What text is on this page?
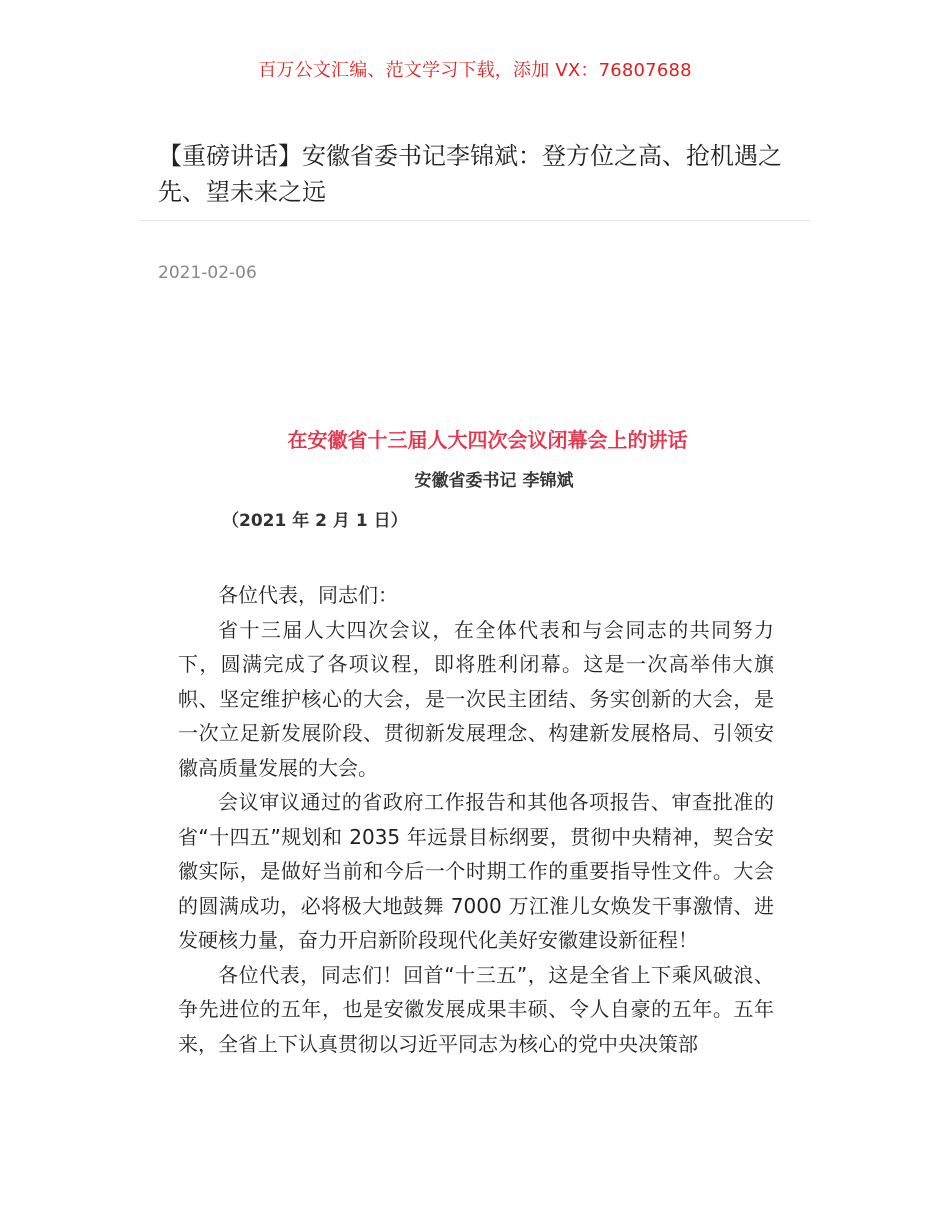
百万公文汇编、范文学习下载，添加 VX：76807688
【重磅讲话】安徽省委书记李锦斌：登方位之高、抢机遇之先、望未来之远
2021-02-06
在安徽省十三届人大四次会议闭幕会上的讲话
安徽省委书记 李锦斌
（2021 年 2 月 1 日）

各位代表，同志们：

省十三届人大四次会议，在全体代表和与会同志的共同努力下，圆满完成了各项议程，即将胜利闭幕。这是一次高举伟大旗帜、坚定维护核心的大会，是一次民主团结、务实创新的大会，是一次立足新发展阶段、贯彻新发展理念、构建新发展格局、引领安徽高质量发展的大会。

会议审议通过的省政府工作报告和其他各项报告、审查批准的省“十四五”规划和 2035 年远景目标纲要，贯彻中央精神，契合安徽实际，是做好当前和今后一个时期工作的重要指导性文件。大会的圆满成功，必将极大地鼓舞 7000 万江淮儿女焕发干事激情、进发硬核力量，奋力开启新阶段现代化美好安徽建设新征程！

各位代表，同志们！回首“十三五”，这是全省上下乘风破浪、争先进位的五年，也是安徽发展成果丰硕、令人自豪的五年。五年来，全省上下认真贯彻以习近平同志为核心的党中央决策部
